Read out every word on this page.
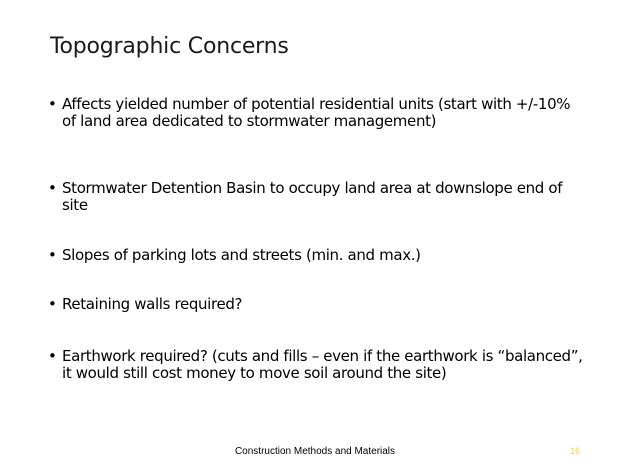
Topographic Concerns
• Affects yielded number of potential residential units (start with +/-10% of land area dedicated to stormwater management)
• Stormwater Detention Basin to occupy land area at downslope end of site
• Slopes of parking lots and streets (min. and max.)
• Retaining walls required?
• Earthwork required? (cuts and fills – even if the earthwork is “balanced”, it would still cost money to move soil around the site)
Construction Methods and Materials	16
